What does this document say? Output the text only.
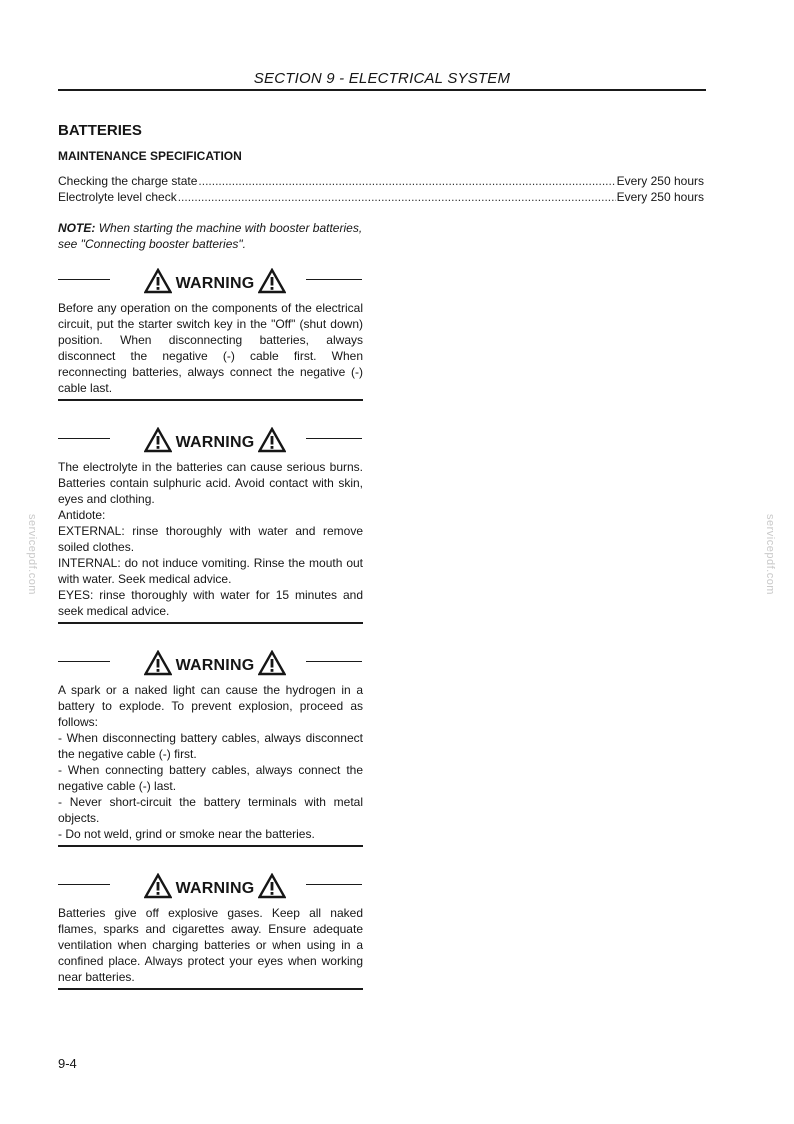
SECTION 9 - ELECTRICAL SYSTEM
BATTERIES
MAINTENANCE SPECIFICATION
Checking the charge state .....	Every 250 hours
Electrolyte level check .....	Every 250 hours
NOTE: When starting the machine with booster batteries, see "Connecting booster batteries".
WARNING

Before any operation on the components of the electrical circuit, put the starter switch key in the "Off" (shut down) position. When disconnecting batteries, always disconnect the negative (-) cable first. When reconnecting batteries, always connect the negative (-) cable last.

WARNING

The electrolyte in the batteries can cause serious burns. Batteries contain sulphuric acid. Avoid contact with skin, eyes and clothing.

Antidote:

EXTERNAL: rinse thoroughly with water and remove soiled clothes.

INTERNAL: do not induce vomiting. Rinse the mouth out with water. Seek medical advice.

EYES: rinse thoroughly with water for 15 minutes and seek medical advice.

WARNING

A spark or a naked light can cause the hydrogen in a battery to explode. To prevent explosion, proceed as follows:

- When disconnecting battery cables, always disconnect the negative cable (-) first.

- When connecting battery cables, always connect the negative cable (-) last.

- Never short-circuit the battery terminals with metal objects.

- Do not weld, grind or smoke near the batteries.

WARNING

Batteries give off explosive gases. Keep all naked flames, sparks and cigarettes away. Ensure adequate ventilation when charging batteries or when using in a confined place. Always protect your eyes when working near batteries.

servicepdf.com	servicepdf.com
9-4
